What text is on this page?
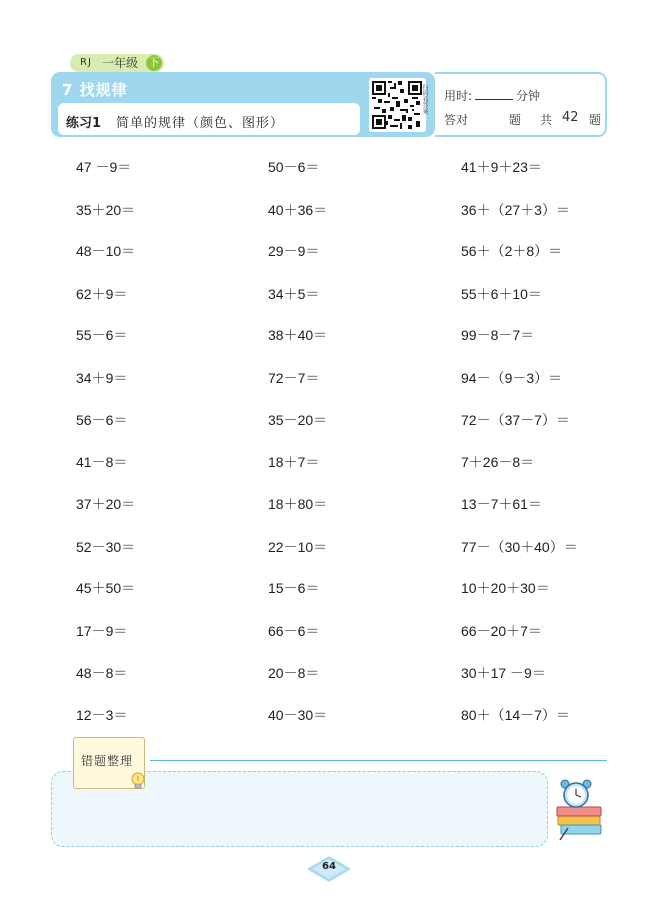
RJ 一年级 下
7 找规律
练习1 简单的规律（颜色、图形）
扫码看答案 用时:	分钟
答对	题 共 42 题
47 －9＝
35＋20＝
48－10＝
62＋9＝
55－6＝
34＋9＝
56－6＝
41－8＝
37＋20＝
52－30＝
45＋50＝
17－9＝
48－8＝
12－3＝
50－6＝
40＋36＝
29－9＝
34＋5＝
38＋40＝
72－7＝
35－20＝
18＋7＝
18＋80＝
22－10＝
15－6＝
66－6＝
20－8＝
40－30＝
41＋9＋23＝
36＋（27＋3）＝
56＋（2＋8）＝
55＋6＋10＝
99－8－7＝
94－（9－3）＝
72－（37－7）＝
7＋26－8＝
13－7＋61＝
77－（30＋40）＝
10＋20＋30＝
66－20＋7＝
30＋17 －9＝
80＋（14－7）＝
错题整理
64
